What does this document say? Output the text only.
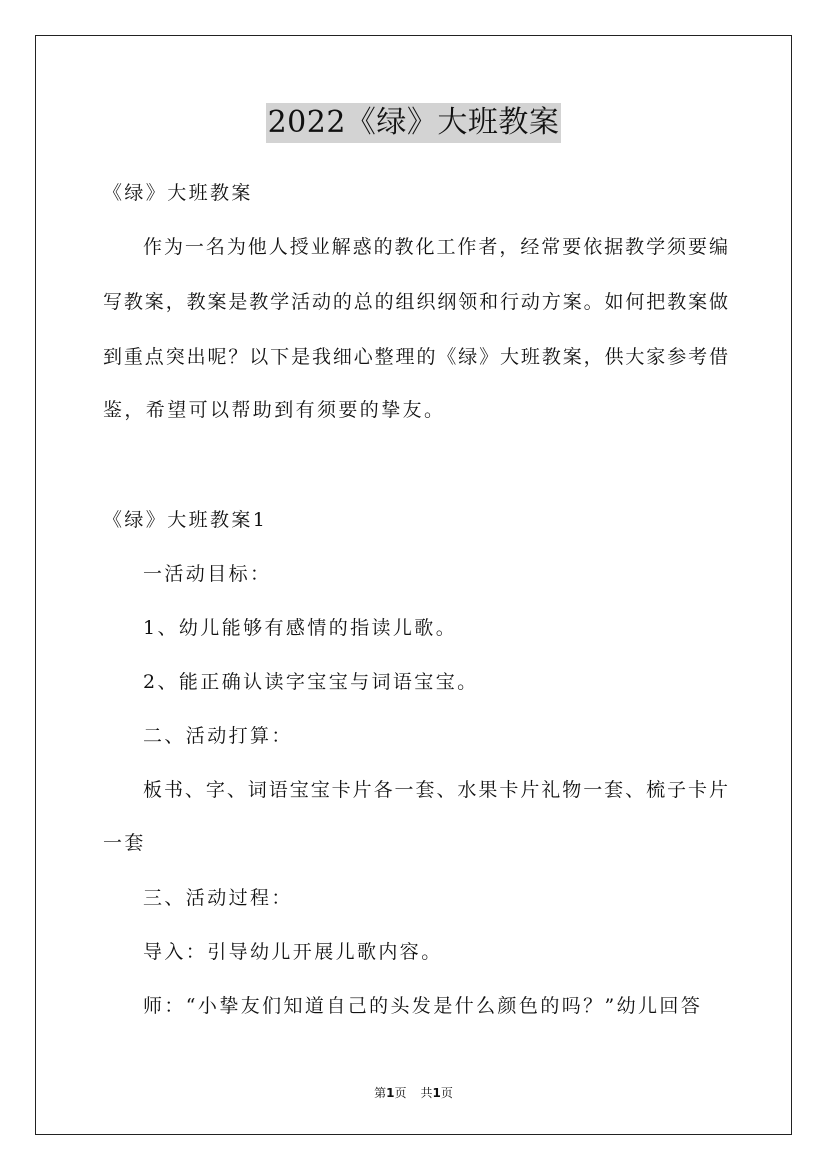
2022《绿》大班教案
《绿》大班教案
作为一名为他人授业解惑的教化工作者，经常要依据教学须要编
写教案，教案是教学活动的总的组织纲领和行动方案。如何把教案做
到重点突出呢？以下是我细心整理的《绿》大班教案，供大家参考借
鉴，希望可以帮助到有须要的挚友。
《绿》大班教案1
一活动目标：
1、幼儿能够有感情的指读儿歌。
2、能正确认读字宝宝与词语宝宝。
二、活动打算：
板书、字、词语宝宝卡片各一套、水果卡片礼物一套、梳子卡片
一套
三、活动过程：
导入：引导幼儿开展儿歌内容。
师：“小挚友们知道自己的头发是什么颜色的吗？”幼儿回答
第1页 共1页
